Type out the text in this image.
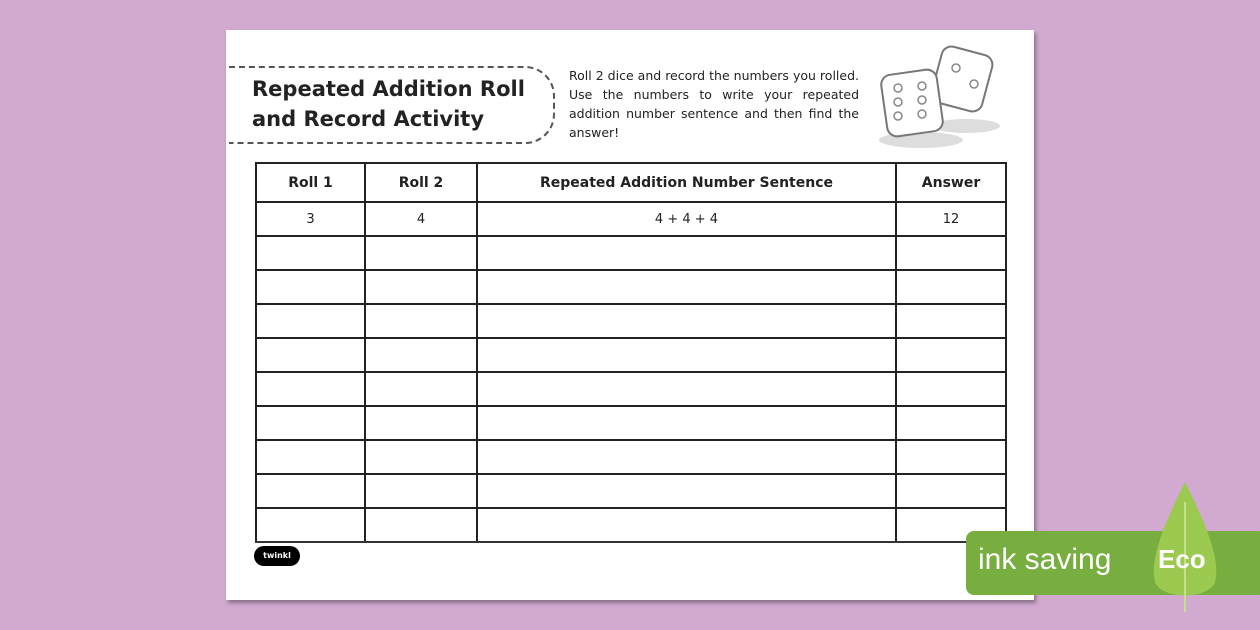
Repeated Addition Roll and Record Activity
Roll 2 dice and record the numbers you rolled. Use the numbers to write your repeated addition number sentence and then find the answer!
Roll 1	Roll 2	Repeated Addition Number Sentence	Answer
3	4	4 + 4 + 4	12

twinkl	ink saving Eco
